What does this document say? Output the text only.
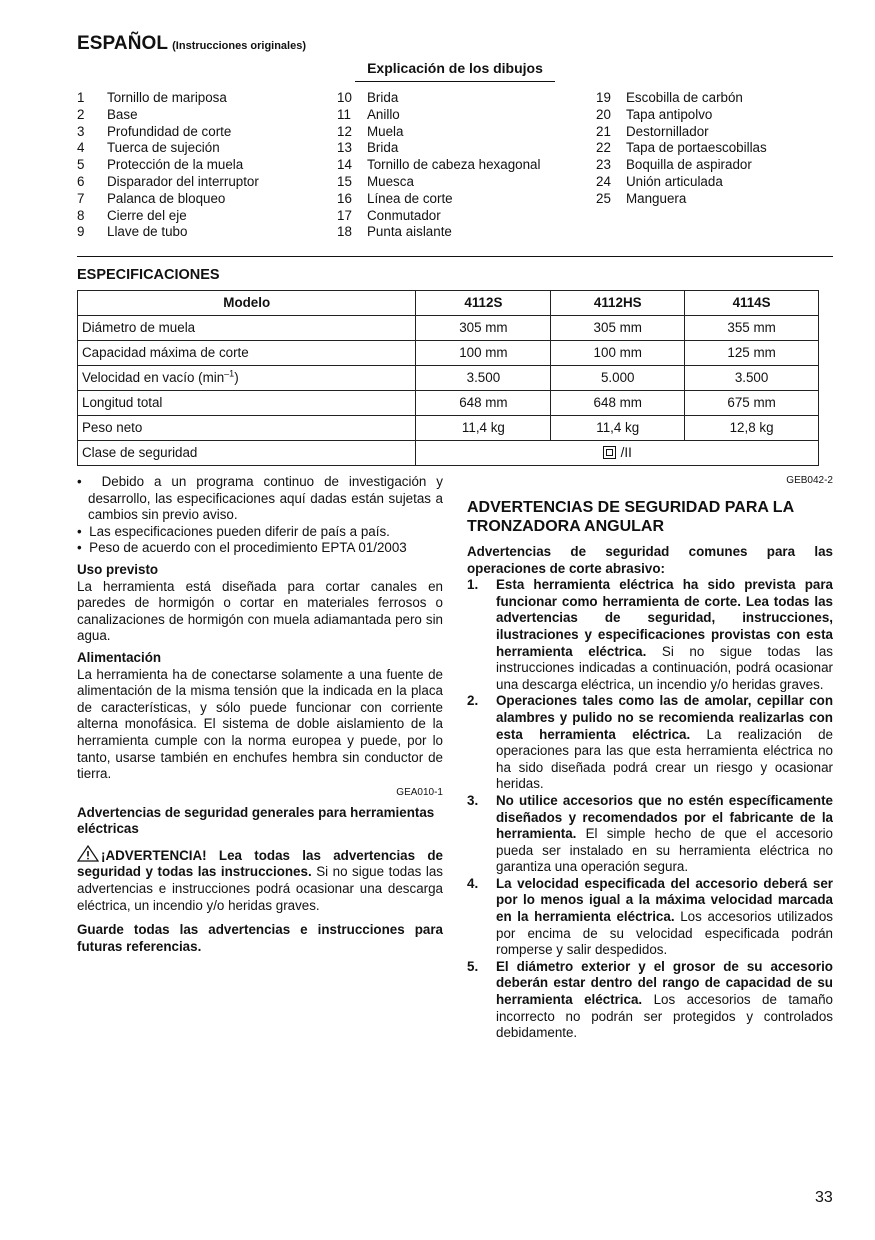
ESPAÑOL (Instrucciones originales)
Explicación de los dibujos
1 Tornillo de mariposa
2 Base
3 Profundidad de corte
4 Tuerca de sujeción
5 Protección de la muela
6 Disparador del interruptor
7 Palanca de bloqueo
8 Cierre del eje
9 Llave de tubo
10 Brida
11 Anillo
12 Muela
13 Brida
14 Tornillo de cabeza hexagonal
15 Muesca
16 Línea de corte
17 Conmutador
18 Punta aislante
19 Escobilla de carbón
20 Tapa antipolvo
21 Destornillador
22 Tapa de portaescobillas
23 Boquilla de aspirador
24 Unión articulada
25 Manguera
ESPECIFICACIONES
Modelo	4112S	4112HS	4114S
Diámetro de muela	305 mm	305 mm	355 mm
Capacidad máxima de corte	100 mm	100 mm	125 mm
Velocidad en vacío $(\min^{-1})$	3.500	5.000	3.500
Longitud total	648 mm	648 mm	675 mm
Peso neto	11,4 kg	11,4 kg	12,8 kg
Clase de seguridad	/II		
•  Debido a un programa continuo de investigación y desarrollo, las especificaciones aquí dadas están sujetas a cambios sin previo aviso.
•  Las especificaciones pueden diferir de país a país.
•  Peso de acuerdo con el procedimiento EPTA 01/2003
Uso previsto
La herramienta está diseñada para cortar canales en paredes de hormigón o cortar en materiales ferrosos o canalizaciones de hormigón con muela adiamantada pero sin agua.
Alimentación
La herramienta ha de conectarse solamente a una fuente de alimentación de la misma tensión que la indicada en la placa de características, y sólo puede funcionar con corriente alterna monofásica. El sistema de doble aislamiento de la herramienta cumple con la norma europea y puede, por lo tanto, usarse también en enchufes hembra sin conductor de tierra.
GEA010-1
Advertencias de seguridad generales para herramientas eléctricas
¡ADVERTENCIA! Lea todas las advertencias de seguridad y todas las instrucciones. Si no sigue todas las advertencias e instrucciones podrá ocasionar una descarga eléctrica, un incendio y/o heridas graves.
Guarde todas las advertencias e instrucciones para futuras referencias.
GEB042-2
ADVERTENCIAS DE SEGURIDAD PARA LA TRONZADORA ANGULAR
Advertencias de seguridad comunes para las operaciones de corte abrasivo:
1. Esta herramienta eléctrica ha sido prevista para funcionar como herramienta de corte. Lea todas las advertencias de seguridad, instrucciones, ilustraciones y especificaciones provistas con esta herramienta eléctrica. Si no sigue todas las instrucciones indicadas a continuación, podrá ocasionar una descarga eléctrica, un incendio y/o heridas graves.
2. Operaciones tales como las de amolar, cepillar con alambres y pulido no se recomienda realizarlas con esta herramienta eléctrica. La realización de operaciones para las que esta herramienta eléctrica no ha sido diseñada podrá crear un riesgo y ocasionar heridas.
3. No utilice accesorios que no estén específicamente diseñados y recomendados por el fabricante de la herramienta. El simple hecho de que el accesorio pueda ser instalado en su herramienta eléctrica no garantiza una operación segura.
4. La velocidad especificada del accesorio deberá ser por lo menos igual a la máxima velocidad marcada en la herramienta eléctrica. Los accesorios utilizados por encima de su velocidad especificada podrán romperse y salir despedidos.
5. El diámetro exterior y el grosor de su accesorio deberán estar dentro del rango de capacidad de su herramienta eléctrica. Los accesorios de tamaño incorrecto no podrán ser protegidos y controlados debidamente.
33
